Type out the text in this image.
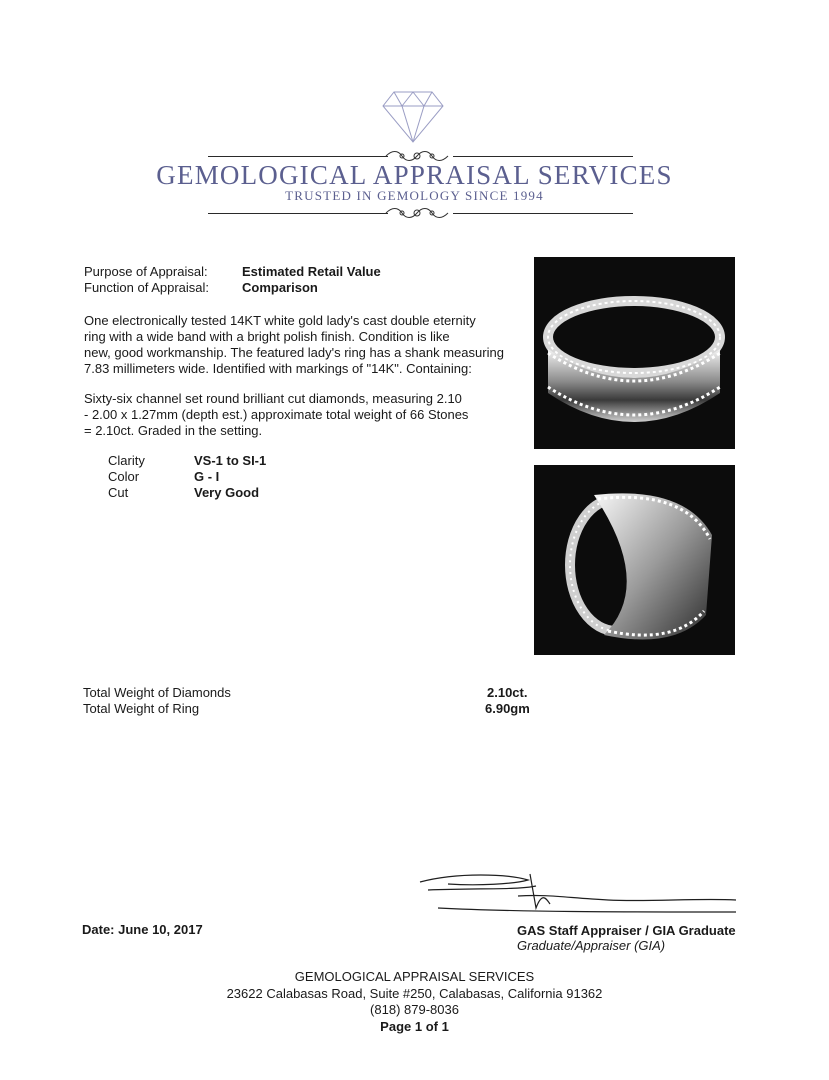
GEMOLOGICAL APPRAISAL SERVICES
TRUSTED IN GEMOLOGY SINCE 1994
Purpose of Appraisal:	Estimated Retail Value
Function of Appraisal:	Comparison
One electronically tested 14KT white gold lady's cast double eternity
ring with a wide band with a bright polish finish. Condition is like
new, good workmanship. The featured lady's ring has a shank measuring
7.83 millimeters wide. Identified with markings of "14K". Containing:
Sixty-six channel set round brilliant cut diamonds, measuring 2.10
- 2.00 x 1.27mm (depth est.) approximate total weight of 66 Stones
= 2.10ct. Graded in the setting.
Clarity	VS-1 to SI-1
Color	G - I
Cut	Very Good
Total Weight of Diamonds	2.10ct.
Total Weight of Ring	6.90gm
Date: June 10, 2017	GAS Staff Appraiser / GIA Graduate
Graduate/Appraiser (GIA)
GEMOLOGICAL APPRAISAL SERVICES
23622 Calabasas Road, Suite #250, Calabasas, California 91362
(818) 879-8036
Page 1 of 1
